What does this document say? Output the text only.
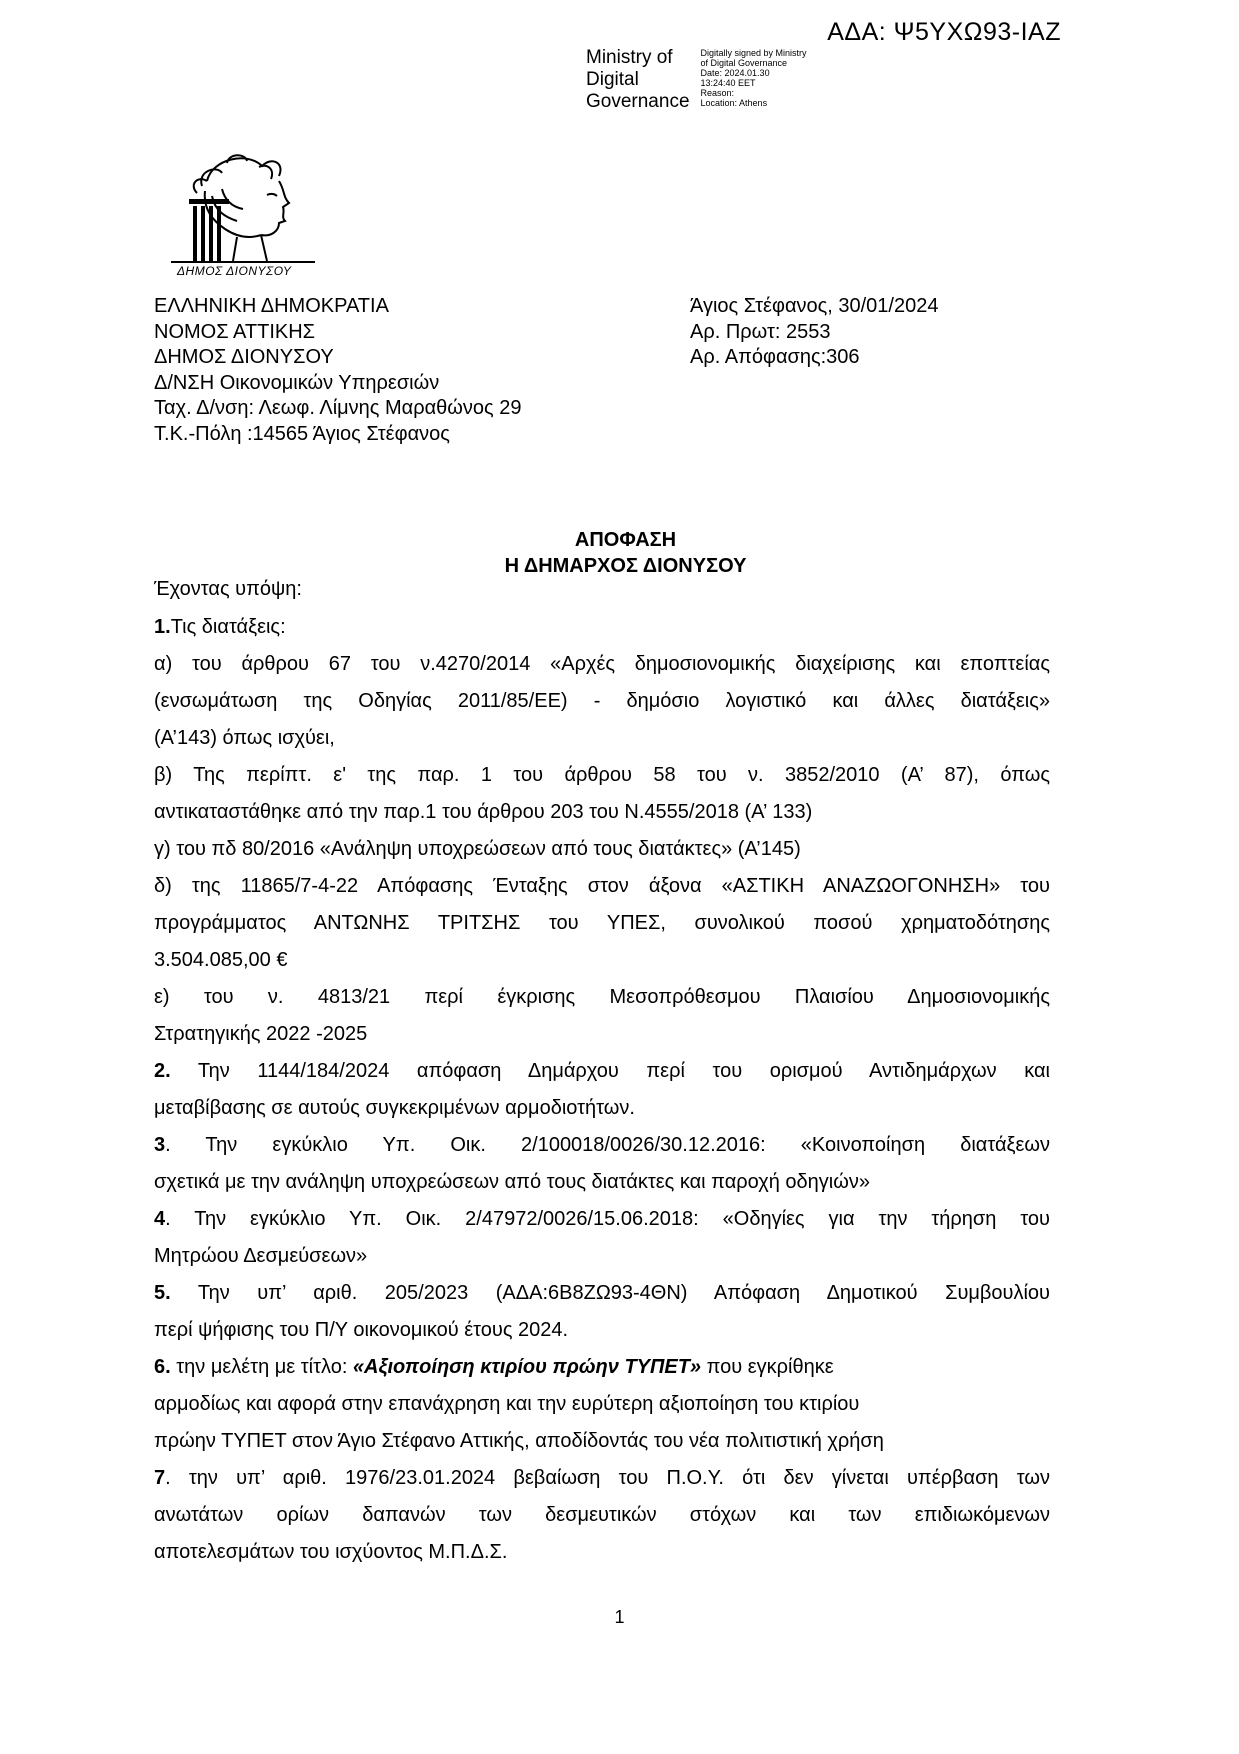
ΑΔΑ: Ψ5ΥΧΩ93-ΙΑΖ
Ministry of
Digital
Governance
Digitally signed by Ministry
of Digital Governance
Date: 2024.01.30
13:24:40 EET
Reason:
Location: Athens
ΔΗΜΟΣ ΔΙΟΝΥΣΟΥ
ΕΛΛΗΝΙΚΗ ΔΗΜΟΚΡΑΤΙΑ
ΝΟΜΟΣ ΑΤΤΙΚΗΣ
ΔΗΜΟΣ ΔΙΟΝΥΣΟΥ
Δ/ΝΣΗ Οικονομικών Υπηρεσιών
Ταχ. Δ/νση: Λεωφ. Λίμνης Μαραθώνος 29
Τ.Κ.-Πόλη :14565 Άγιος Στέφανος
Άγιος Στέφανος, 30/01/2024
Αρ. Πρωτ: 2553
Αρ. Απόφασης:306
ΑΠΟΦΑΣΗ
Η ΔΗΜΑΡΧΟΣ ΔΙΟΝΥΣΟΥ
Έχοντας υπόψη:
1.Τις διατάξεις:
α) του άρθρου 67 του ν.4270/2014 «Αρχές δημοσιονομικής διαχείρισης και εποπτείας
(ενσωμάτωση της Οδηγίας 2011/85/ΕΕ) - δημόσιο λογιστικό και άλλες διατάξεις»
(Α’143) όπως ισχύει,
β) Της περίπτ. ε' της παρ. 1 του άρθρου 58 του ν. 3852/2010 (Α’ 87), όπως
αντικαταστάθηκε από την παρ.1 του άρθρου 203 του Ν.4555/2018 (Α’ 133)
γ) του πδ 80/2016 «Ανάληψη υποχρεώσεων από τους διατάκτες» (Α’145)
δ) της 11865/7-4-22 Απόφασης Ένταξης στον άξονα «ΑΣΤΙΚΗ ΑΝΑΖΩΟΓΟΝΗΣΗ» του
προγράμματος ΑΝΤΩΝΗΣ ΤΡΙΤΣΗΣ του ΥΠΕΣ, συνολικού ποσού χρηματοδότησης
3.504.085,00 €
ε) του ν. 4813/21 περί έγκρισης Μεσοπρόθεσμου Πλαισίου Δημοσιονομικής
Στρατηγικής 2022 -2025
2. Την 1144/184/2024 απόφαση Δημάρχου περί του ορισμού Αντιδημάρχων και
μεταβίβασης σε αυτούς συγκεκριμένων αρμοδιοτήτων.
3. Την εγκύκλιο Υπ. Οικ. 2/100018/0026/30.12.2016: «Κοινοποίηση διατάξεων
σχετικά με την ανάληψη υποχρεώσεων από τους διατάκτες και παροχή οδηγιών»
4. Την εγκύκλιο Υπ. Οικ. 2/47972/0026/15.06.2018: «Οδηγίες για την τήρηση του
Μητρώου Δεσμεύσεων»
5. Την υπ’ αριθ. 205/2023 (ΑΔΑ:6Β8ΖΩ93-4ΘΝ) Απόφαση Δημοτικού Συμβουλίου
περί ψήφισης του Π/Υ οικονομικού έτους 2024.
6. την μελέτη με τίτλο: «Αξιοποίηση κτιρίου πρώην ΤΥΠΕΤ» που εγκρίθηκε
αρμοδίως και αφορά στην επανάχρηση και την ευρύτερη αξιοποίηση του κτιρίου
πρώην ΤΥΠΕΤ στον Άγιο Στέφανο Αττικής, αποδίδοντάς του νέα πολιτιστική χρήση
7. την υπ’ αριθ. 1976/23.01.2024 βεβαίωση του Π.Ο.Υ. ότι δεν γίνεται υπέρβαση των
ανωτάτων ορίων δαπανών των δεσμευτικών στόχων και των επιδιωκόμενων
αποτελεσμάτων του ισχύοντος Μ.Π.Δ.Σ.
1
